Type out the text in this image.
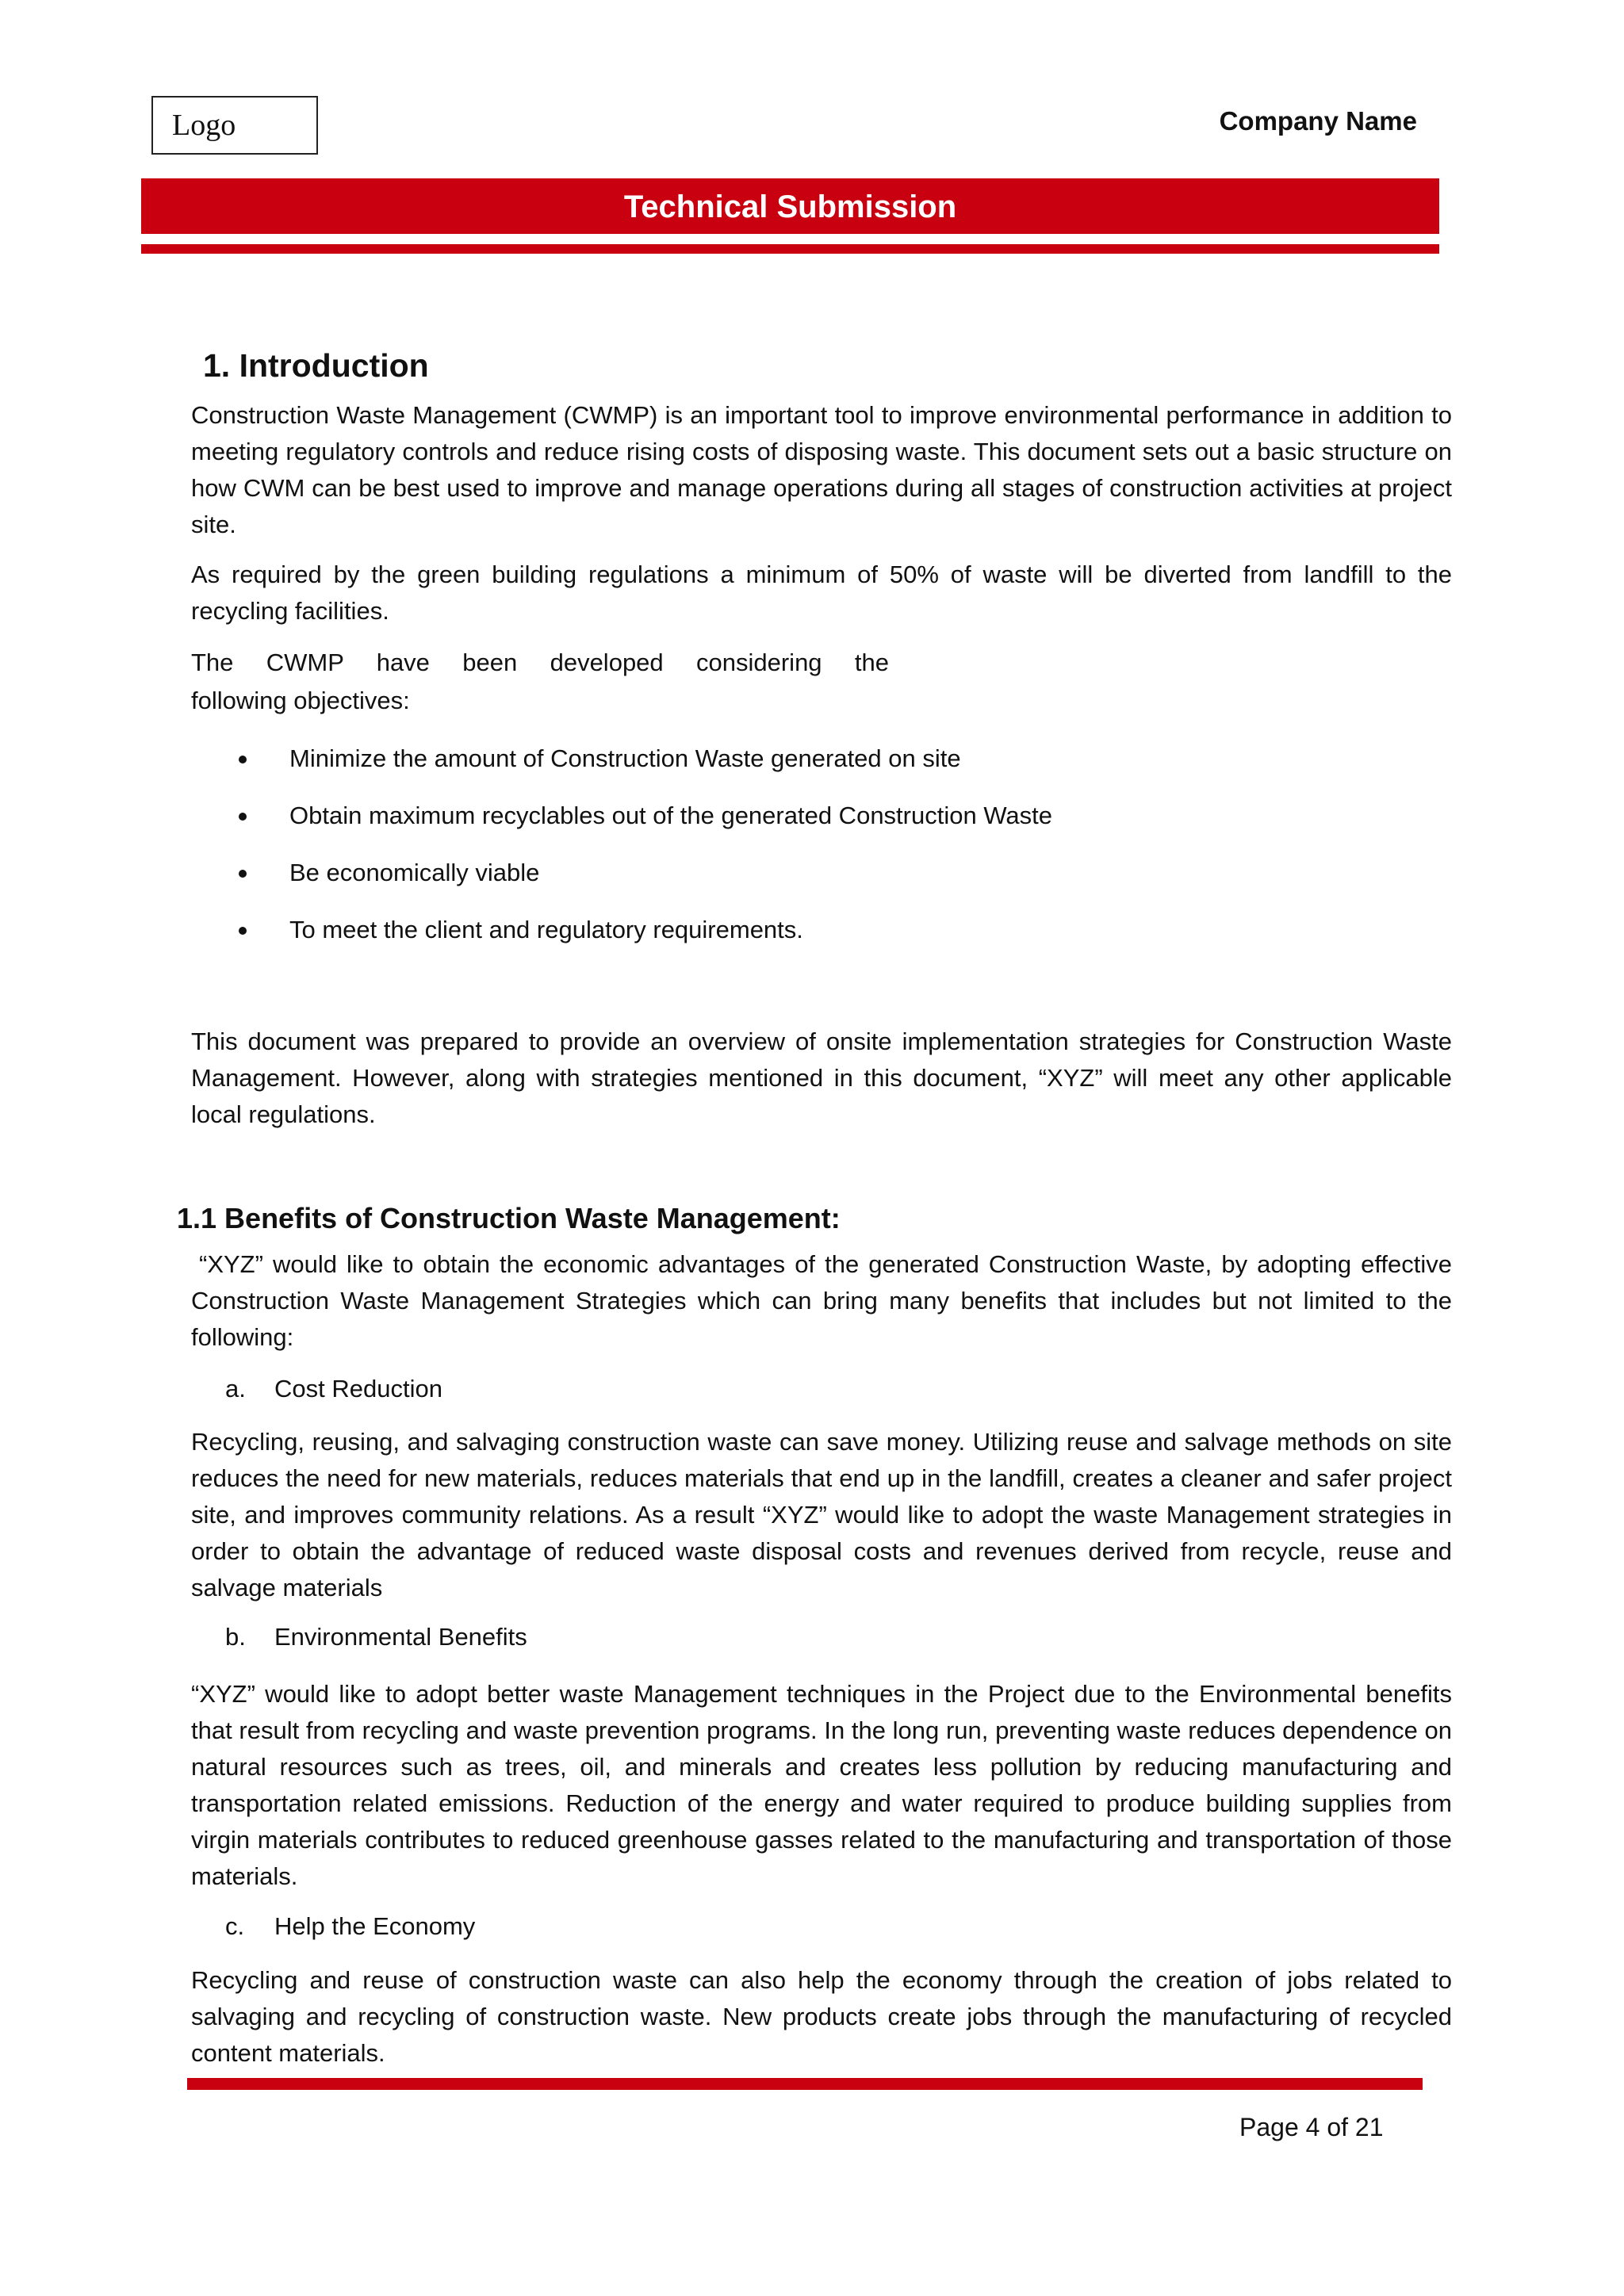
Logo	Company Name
Technical Submission
1. Introduction

Construction Waste Management (CWMP) is an important tool to improve environmental performance in addition to meeting regulatory controls and reduce rising costs of disposing waste. This document sets out a basic structure on how CWM can be best used to improve and manage operations during all stages of construction activities at project site.

As required by the green building regulations a minimum of 50% of waste will be diverted from landfill to the recycling facilities.

The CWMP have been developed considering the

following objectives:

Minimize the amount of Construction Waste generated on site
Obtain maximum recyclables out of the generated Construction Waste
Be economically viable
To meet the client and regulatory requirements.

This document was prepared to provide an overview of onsite implementation strategies for Construction Waste Management. However, along with strategies mentioned in this document, “XYZ” will meet any other applicable local regulations.

1.1 Benefits of Construction Waste Management:

“XYZ” would like to obtain the economic advantages of the generated Construction Waste, by adopting effective Construction Waste Management Strategies which can bring many benefits that includes but not limited to the following:

a. Cost Reduction

Recycling, reusing, and salvaging construction waste can save money. Utilizing reuse and salvage methods on site reduces the need for new materials, reduces materials that end up in the landfill, creates a cleaner and safer project site, and improves community relations. As a result “XYZ” would like to adopt the waste Management strategies in order to obtain the advantage of reduced waste disposal costs and revenues derived from recycle, reuse and salvage materials

b. Environmental Benefits

“XYZ” would like to adopt better waste Management techniques in the Project due to the Environmental benefits that result from recycling and waste prevention programs. In the long run, preventing waste reduces dependence on natural resources such as trees, oil, and minerals and creates less pollution by reducing manufacturing and transportation related emissions. Reduction of the energy and water required to produce building supplies from virgin materials contributes to reduced greenhouse gasses related to the manufacturing and transportation of those materials.

c. Help the Economy

Recycling and reuse of construction waste can also help the economy through the creation of jobs related to salvaging and recycling of construction waste. New products create jobs through the manufacturing of recycled content materials.

Page 4 of 21
